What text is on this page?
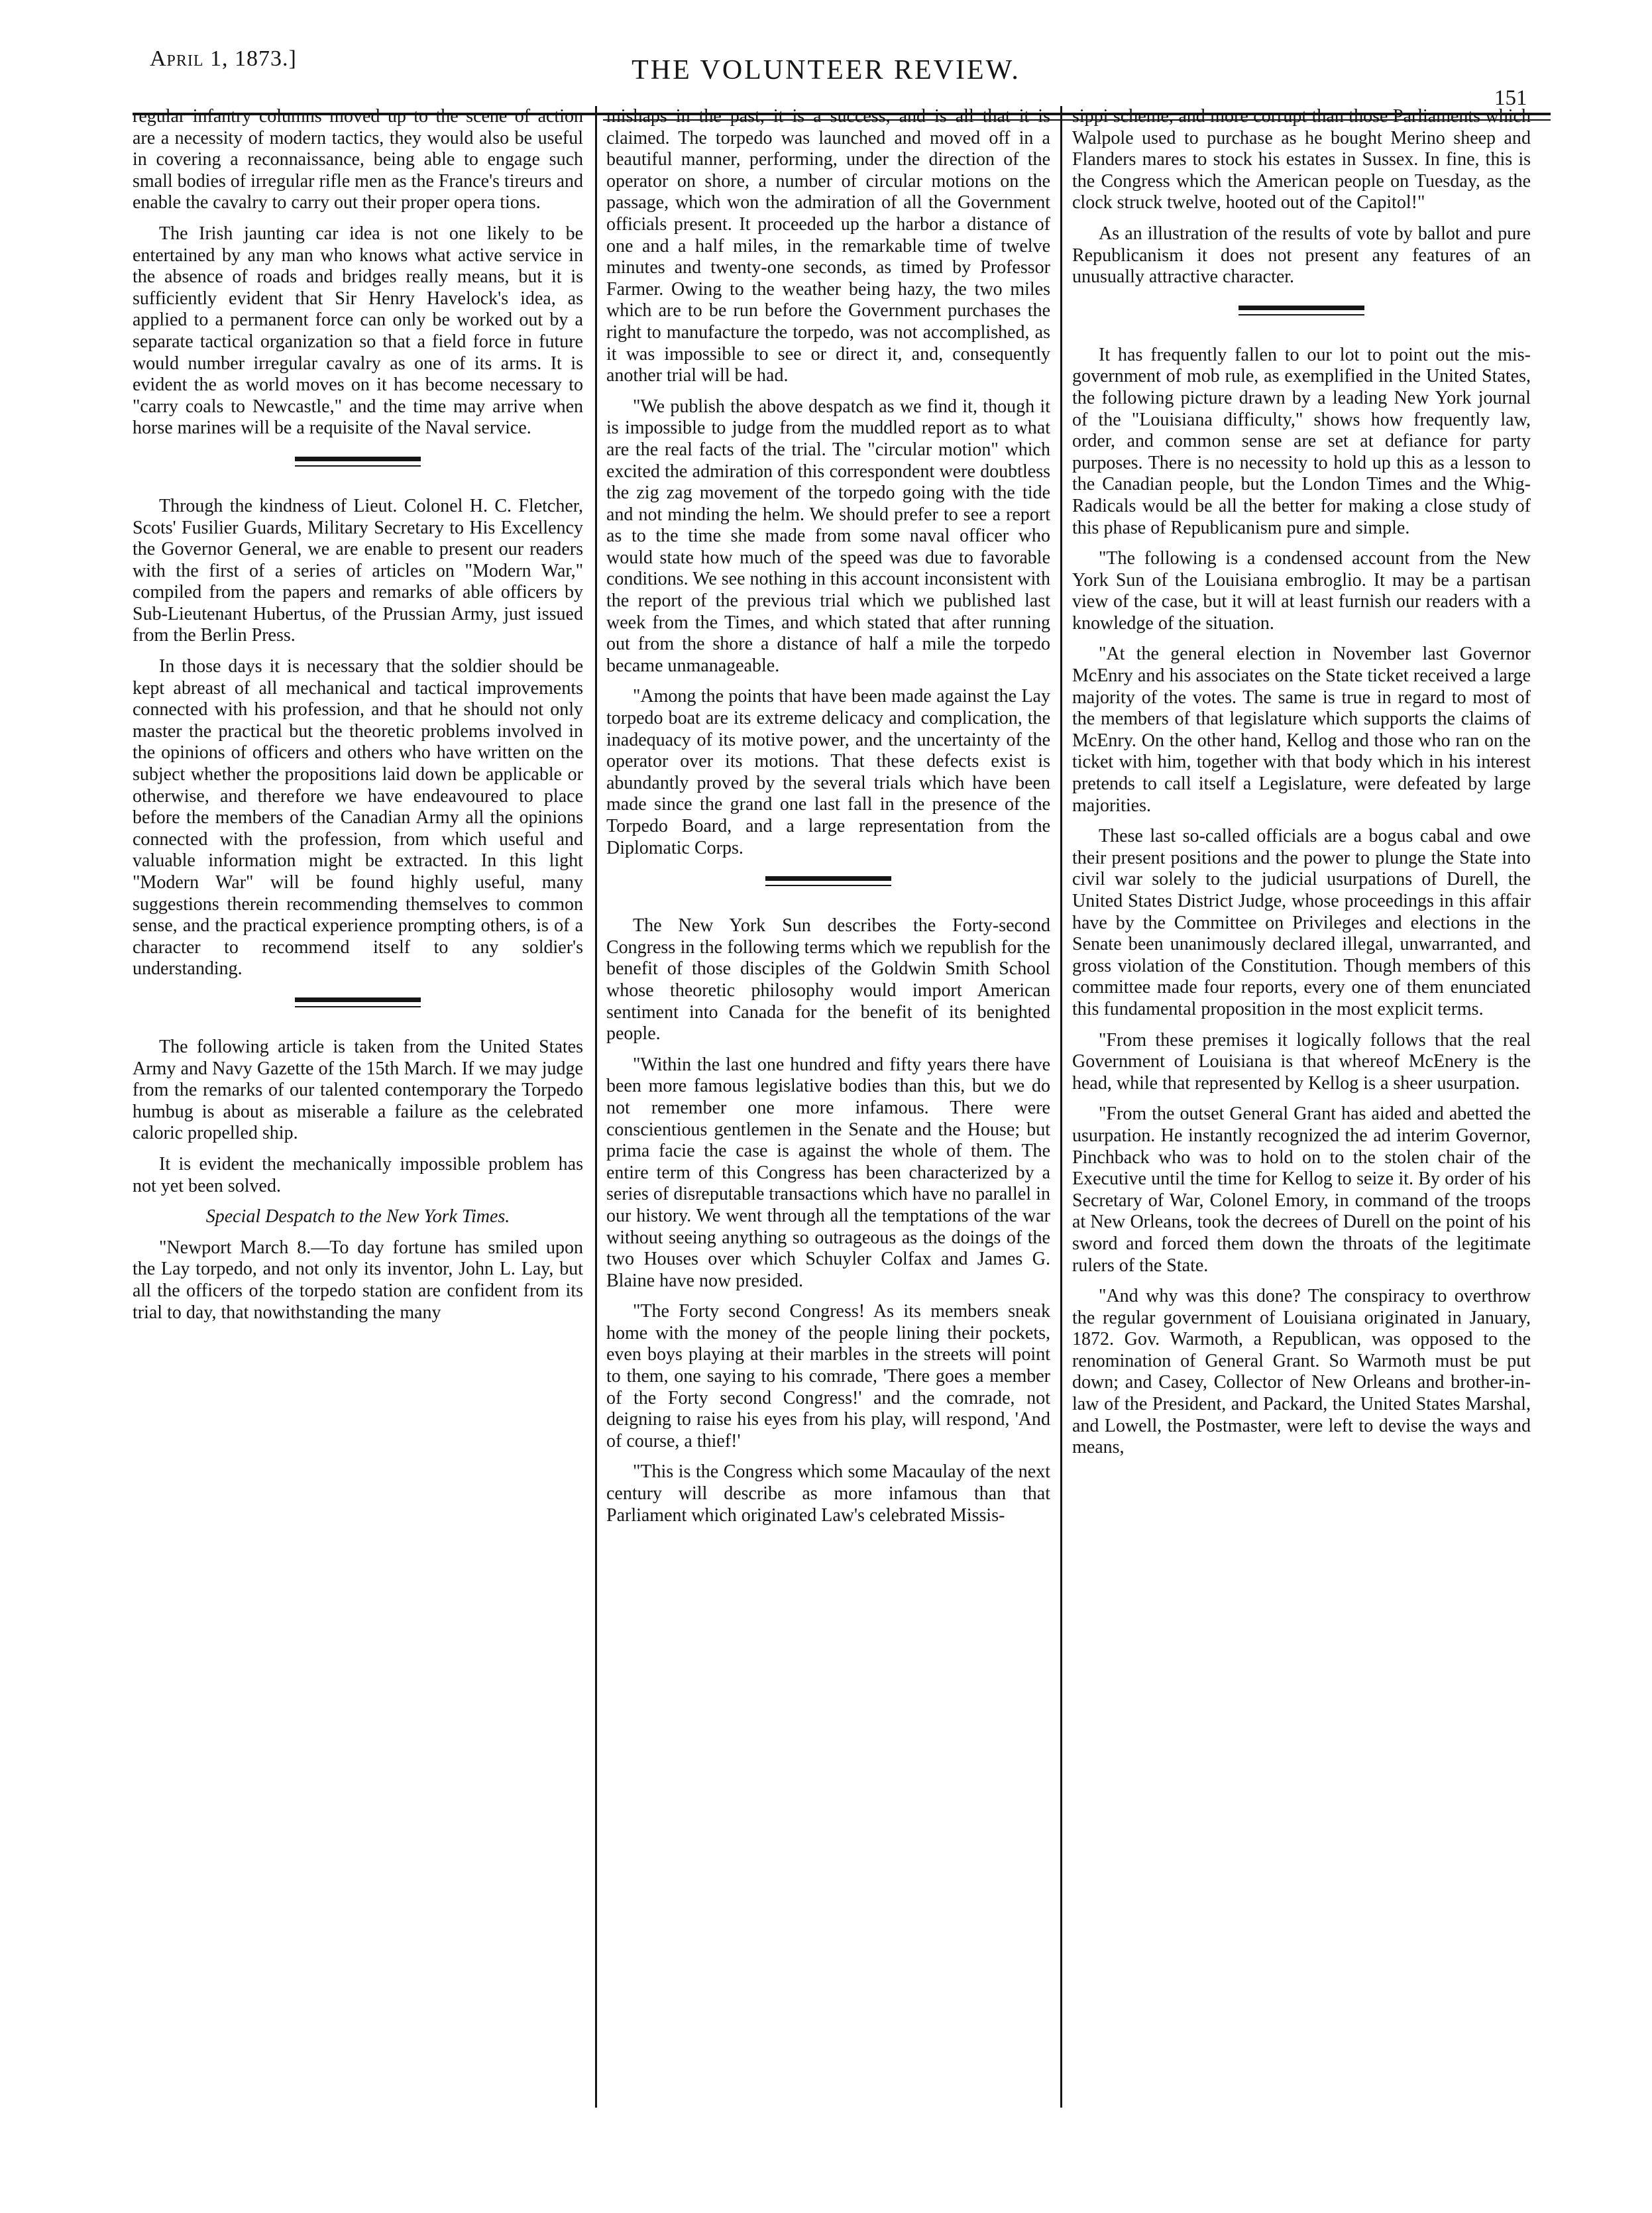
April 1, 1873.]	THE VOLUNTEER REVIEW.
151

regular infantry columns moved up to the scene of action are a necessity of modern tactics, they would also be useful in covering a reconnaissance, being able to engage such small bodies of irregular rifle men as the France's tireurs and enable the cavalry to carry out their proper opera tions.

The Irish jaunting car idea is not one likely to be entertained by any man who knows what active service in the absence of roads and bridges really means, but it is sufficiently evident that Sir Henry Havelock's idea, as applied to a permanent force can only be worked out by a separate tactical organization so that a field force in future would number irregular cavalry as one of its arms. It is evident the as world moves on it has become necessary to "carry coals to Newcastle," and the time may arrive when horse marines will be a requisite of the Naval service.

Through the kindness of Lieut. Colonel H. C. Fletcher, Scots' Fusilier Guards, Military Secretary to His Excellency the Governor General, we are enable to present our readers with the first of a series of articles on "Modern War," compiled from the papers and remarks of able officers by Sub-Lieutenant Hubertus, of the Prussian Army, just issued from the Berlin Press.

In those days it is necessary that the soldier should be kept abreast of all mechanical and tactical improvements connected with his profession, and that he should not only master the practical but the theoretic problems involved in the opinions of officers and others who have written on the subject whether the propositions laid down be applicable or otherwise, and therefore we have endeavoured to place before the members of the Canadian Army all the opinions connected with the profession, from which useful and valuable information might be extracted. In this light "Modern War" will be found highly useful, many suggestions therein recommending themselves to common sense, and the practical experience prompting others, is of a character to recommend itself to any soldier's understanding.

The following article is taken from the United States Army and Navy Gazette of the 15th March. If we may judge from the remarks of our talented contemporary the Torpedo humbug is about as miserable a failure as the celebrated caloric propelled ship.

It is evident the mechanically impossible problem has not yet been solved.

Special Despatch to the New York Times.

"Newport March 8.—To day fortune has smiled upon the Lay torpedo, and not only its inventor, John L. Lay, but all the officers of the torpedo station are confident from its trial to day, that nowithstanding the many

mishaps in the past, it is a success, and is all that it is claimed. The torpedo was launched and moved off in a beautiful manner, performing, under the direction of the operator on shore, a number of circular motions on the passage, which won the admiration of all the Government officials present. It proceeded up the harbor a distance of one and a half miles, in the remarkable time of twelve minutes and twenty-one seconds, as timed by Professor Farmer. Owing to the weather being hazy, the two miles which are to be run before the Government purchases the right to manufacture the torpedo, was not accomplished, as it was impossible to see or direct it, and, consequently another trial will be had.

"We publish the above despatch as we find it, though it is impossible to judge from the muddled report as to what are the real facts of the trial. The "circular motion" which excited the admiration of this correspondent were doubtless the zig zag movement of the torpedo going with the tide and not minding the helm. We should prefer to see a report as to the time she made from some naval officer who would state how much of the speed was due to favorable conditions. We see nothing in this account inconsistent with the report of the previous trial which we published last week from the Times, and which stated that after running out from the shore a distance of half a mile the torpedo became unmanageable.

"Among the points that have been made against the Lay torpedo boat are its extreme delicacy and complication, the inadequacy of its motive power, and the uncertainty of the operator over its motions. That these defects exist is abundantly proved by the several trials which have been made since the grand one last fall in the presence of the Torpedo Board, and a large representation from the Diplomatic Corps.

The New York Sun describes the Forty-second Congress in the following terms which we republish for the benefit of those disciples of the Goldwin Smith School whose theoretic philosophy would import American sentiment into Canada for the benefit of its benighted people.

"Within the last one hundred and fifty years there have been more famous legislative bodies than this, but we do not remember one more infamous. There were conscientious gentlemen in the Senate and the House; but prima facie the case is against the whole of them. The entire term of this Congress has been characterized by a series of disreputable transactions which have no parallel in our history. We went through all the temptations of the war without seeing anything so outrageous as the doings of the two Houses over which Schuyler Colfax and James G. Blaine have now presided.

"The Forty second Congress! As its members sneak home with the money of the people lining their pockets, even boys playing at their marbles in the streets will point to them, one saying to his comrade, 'There goes a member of the Forty second Congress!' and the comrade, not deigning to raise his eyes from his play, will respond, 'And of course, a thief!'

"This is the Congress which some Macaulay of the next century will describe as more infamous than that Parliament which originated Law's celebrated Missis-

sippi scheme, and more corrupt than those Parliaments which Walpole used to purchase as he bought Merino sheep and Flanders mares to stock his estates in Sussex. In fine, this is the Congress which the American people on Tuesday, as the clock struck twelve, hooted out of the Capitol!"

As an illustration of the results of vote by ballot and pure Republicanism it does not present any features of an unusually attractive character.

It has frequently fallen to our lot to point out the mis-government of mob rule, as exemplified in the United States, the following picture drawn by a leading New York journal of the "Louisiana difficulty," shows how frequently law, order, and common sense are set at defiance for party purposes. There is no necessity to hold up this as a lesson to the Canadian people, but the London Times and the Whig-Radicals would be all the better for making a close study of this phase of Republicanism pure and simple.

"The following is a condensed account from the New York Sun of the Louisiana embroglio. It may be a partisan view of the case, but it will at least furnish our readers with a knowledge of the situation.

"At the general election in November last Governor McEnry and his associates on the State ticket received a large majority of the votes. The same is true in regard to most of the members of that legislature which supports the claims of McEnry. On the other hand, Kellog and those who ran on the ticket with him, together with that body which in his interest pretends to call itself a Legislature, were defeated by large majorities.

These last so-called officials are a bogus cabal and owe their present positions and the power to plunge the State into civil war solely to the judicial usurpations of Durell, the United States District Judge, whose proceedings in this affair have by the Committee on Privileges and elections in the Senate been unanimously declared illegal, unwarranted, and gross violation of the Constitution. Though members of this committee made four reports, every one of them enunciated this fundamental proposition in the most explicit terms.

"From these premises it logically follows that the real Government of Louisiana is that whereof McEnery is the head, while that represented by Kellog is a sheer usurpation.

"From the outset General Grant has aided and abetted the usurpation. He instantly recognized the ad interim Governor, Pinchback who was to hold on to the stolen chair of the Executive until the time for Kellog to seize it. By order of his Secretary of War, Colonel Emory, in command of the troops at New Orleans, took the decrees of Durell on the point of his sword and forced them down the throats of the legitimate rulers of the State.

"And why was this done? The conspiracy to overthrow the regular government of Louisiana originated in January, 1872. Gov. Warmoth, a Republican, was opposed to the renomination of General Grant. So Warmoth must be put down; and Casey, Collector of New Orleans and brother-in-law of the President, and Packard, the United States Marshal, and Lowell, the Postmaster, were left to devise the ways and means,
